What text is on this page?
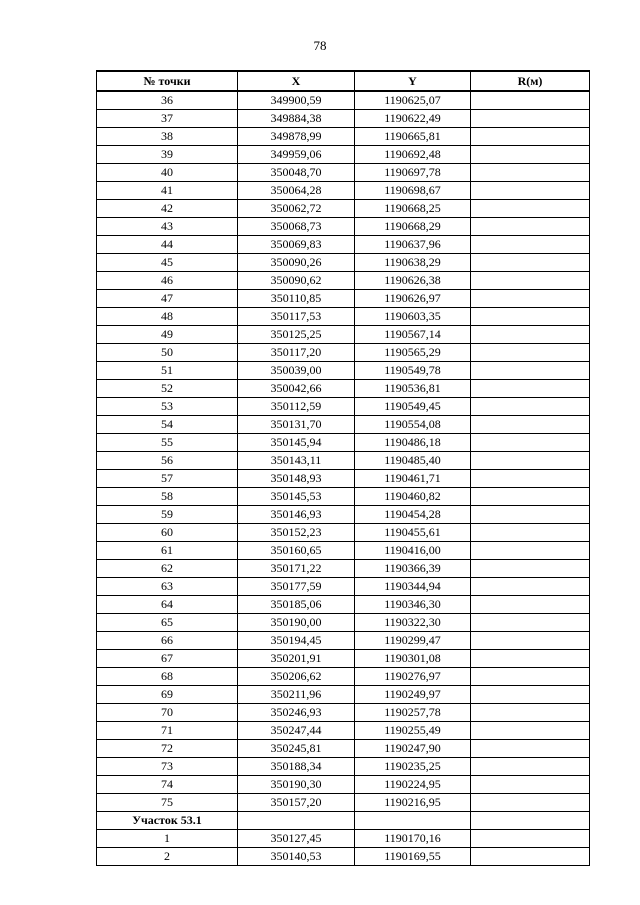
78
№ точки	X	Y	R(м)
36	349900,59	1190625,07	
37	349884,38	1190622,49	
38	349878,99	1190665,81	
39	349959,06	1190692,48	
40	350048,70	1190697,78	
41	350064,28	1190698,67	
42	350062,72	1190668,25	
43	350068,73	1190668,29	
44	350069,83	1190637,96	
45	350090,26	1190638,29	
46	350090,62	1190626,38	
47	350110,85	1190626,97	
48	350117,53	1190603,35	
49	350125,25	1190567,14	
50	350117,20	1190565,29	
51	350039,00	1190549,78	
52	350042,66	1190536,81	
53	350112,59	1190549,45	
54	350131,70	1190554,08	
55	350145,94	1190486,18	
56	350143,11	1190485,40	
57	350148,93	1190461,71	
58	350145,53	1190460,82	
59	350146,93	1190454,28	
60	350152,23	1190455,61	
61	350160,65	1190416,00	
62	350171,22	1190366,39	
63	350177,59	1190344,94	
64	350185,06	1190346,30	
65	350190,00	1190322,30	
66	350194,45	1190299,47	
67	350201,91	1190301,08	
68	350206,62	1190276,97	
69	350211,96	1190249,97	
70	350246,93	1190257,78	
71	350247,44	1190255,49	
72	350245,81	1190247,90	
73	350188,34	1190235,25	
74	350190,30	1190224,95	
75	350157,20	1190216,95	
Участок 53.1			
1	350127,45	1190170,16	
2	350140,53	1190169,55	
